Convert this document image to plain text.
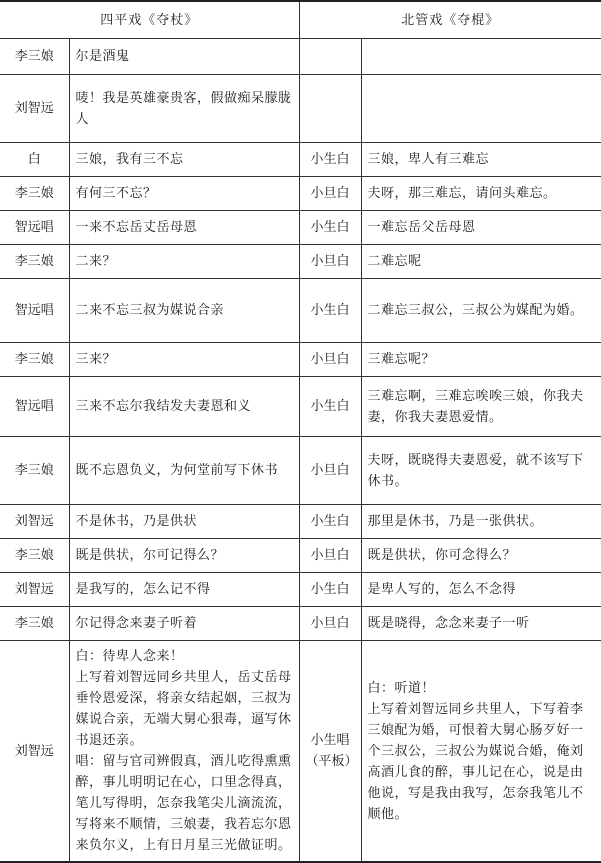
四平戏《夺杖》		北管戏《夺棍》	
李三娘	尔是酒鬼		
刘智远	唛！我是英雄豪贵客，假做痴呆朦胧人		
白	三娘，我有三不忘	小生白	三娘，卑人有三难忘
李三娘	有何三不忘？	小旦白	夫呀，那三难忘，请问头难忘。
智远唱	一来不忘岳丈岳母恩	小生白	一难忘岳父岳母恩
李三娘	二来？	小旦白	二难忘呢
智远唱	二来不忘三叔为媒说合亲	小生白	二难忘三叔公，三叔公为媒配为婚。
李三娘	三来？	小旦白	三难忘呢？
智远唱	三来不忘尔我结发夫妻恩和义	小生白	三难忘啊，三难忘唉唉三娘，你我夫妻，你我夫妻恩爱情。
李三娘	既不忘恩负义，为何堂前写下休书	小旦白	夫呀，既晓得夫妻恩爱，就不该写下休书。
刘智远	不是休书，乃是供状	小生白	那里是休书，乃是一张供状。
李三娘	既是供状，尔可记得么？	小旦白	既是供状，你可念得么？
刘智远	是我写的，怎么记不得	小生白	是卑人写的，怎么不念得
李三娘	尔记得念来妻子听着	小旦白	既是晓得，念念来妻子一听
刘智远	白：待卑人念来！
上写着刘智远同乡共里人，岳丈岳母垂怜恩爱深，将亲女结起姻，三叔为媒说合亲，无端大舅心狠毒，逼写休书退还亲。
唱：留与官司辨假真，酒儿吃得熏熏醉，事儿明明记在心，口里念得真，笔儿写得明，怎奈我笔尖儿滴流流，写将来不顺情，三娘妻，我若忘尔恩来负尔义，上有日月星三光做证明。	小生唱（平板）	白：听道！
上写着刘智远同乡共里人，下写着李三娘配为婚，可恨着大舅心肠歹好一个三叔公，三叔公为媒说合婚，俺刘高酒儿食的醉，事儿记在心，说是由他说，写是我由我写，怎奈我笔儿不顺他。
